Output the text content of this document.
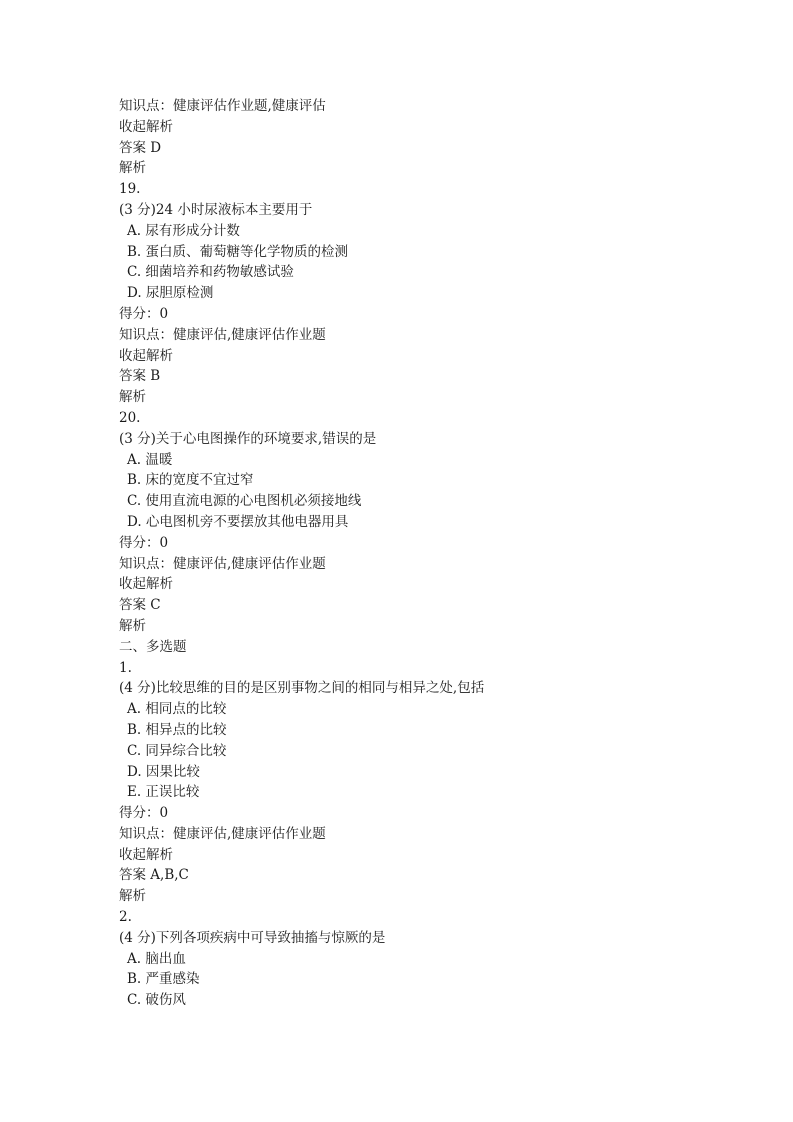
知识点：健康评估作业题,健康评估
收起解析
答案 D
解析
19.
(3 分)24 小时尿液标本主要用于
A. 尿有形成分计数
B. 蛋白质、葡萄糖等化学物质的检测
C. 细菌培养和药物敏感试验
D. 尿胆原检测
得分：0
知识点：健康评估,健康评估作业题
收起解析
答案 B
解析
20.
(3 分)关于心电图操作的环境要求,错误的是
A. 温暖
B. 床的宽度不宜过窄
C. 使用直流电源的心电图机必须接地线
D. 心电图机旁不要摆放其他电器用具
得分：0
知识点：健康评估,健康评估作业题
收起解析
答案 C
解析
二、多选题
1.
(4 分)比较思维的目的是区别事物之间的相同与相异之处,包括
A. 相同点的比较
B. 相异点的比较
C. 同异综合比较
D. 因果比较
E. 正误比较
得分：0
知识点：健康评估,健康评估作业题
收起解析
答案 A,B,C
解析
2.
(4 分)下列各项疾病中可导致抽搐与惊厥的是
A. 脑出血
B. 严重感染
C. 破伤风
